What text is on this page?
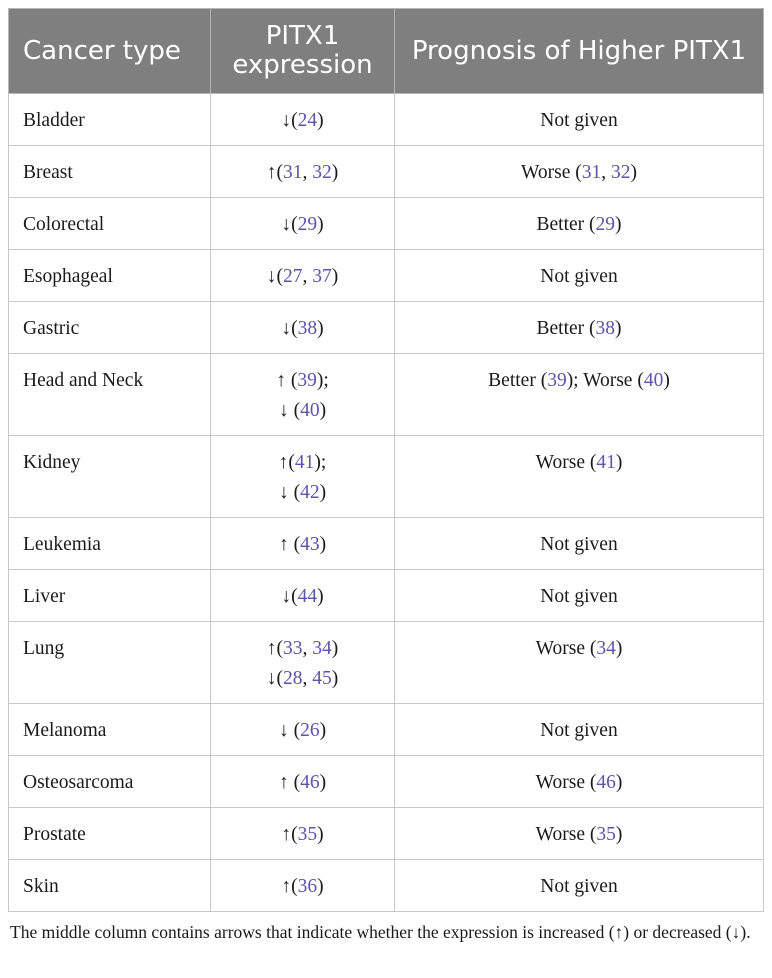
Cancer type	PITX1 expression	Prognosis of Higher PITX1
Bladder	↓(24)	Not given

Breast	↑(31, 32)	Worse (31, 32)

Colorectal	↓(29)	Better (29)

Esophageal	↓(27, 37)	Not given

Gastric	↓(38)	Better (38)

Head and Neck	↑ (39);
↓ (40)	Better (39); Worse (40)

Kidney	↑(41);
↓ (42)	Worse (41)

Leukemia	↑ (43)	Not given

Liver	↓(44)	Not given

Lung	↑(33, 34)
↓(28, 45)	Worse (34)

Melanoma	↓ (26)	Not given

Osteosarcoma	↑ (46)	Worse (46)

Prostate	↑(35)	Worse (35)

Skin	↑(36)	Not given
The middle column contains arrows that indicate whether the expression is increased (↑) or decreased (↓).
